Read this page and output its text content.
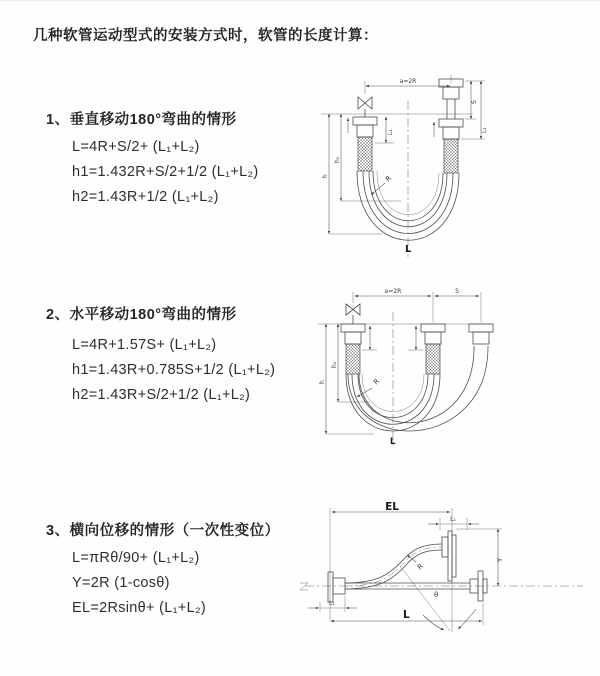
几种软管运动型式的安装方式时，软管的长度计算：
1、垂直移动180°弯曲的情形
L=4R+S/2+ (L₁+L₂)
h1=1.432R+S/2+1/2 (L₁+L₂)
h2=1.43R+1/2 (L₁+L₂)
2、水平移动180°弯曲的情形
L=4R+1.57S+ (L₁+L₂)
h1=1.43R+0.785S+1/2 (L₁+L₂)
h2=1.43R+S/2+1/2 (L₁+L₂)
3、横向位移的情形（一次性变位）
L=πRθ/90+ (L₁+L₂)
Y=2R (1-cosθ)
EL=2Rsinθ+ (L₁+L₂)
a=2R
L₁
S
L₁
h₁
h	R
L
a=2R	S
h₂
h	R
L
EL
L₁
Y
θ
R
L₁
L
